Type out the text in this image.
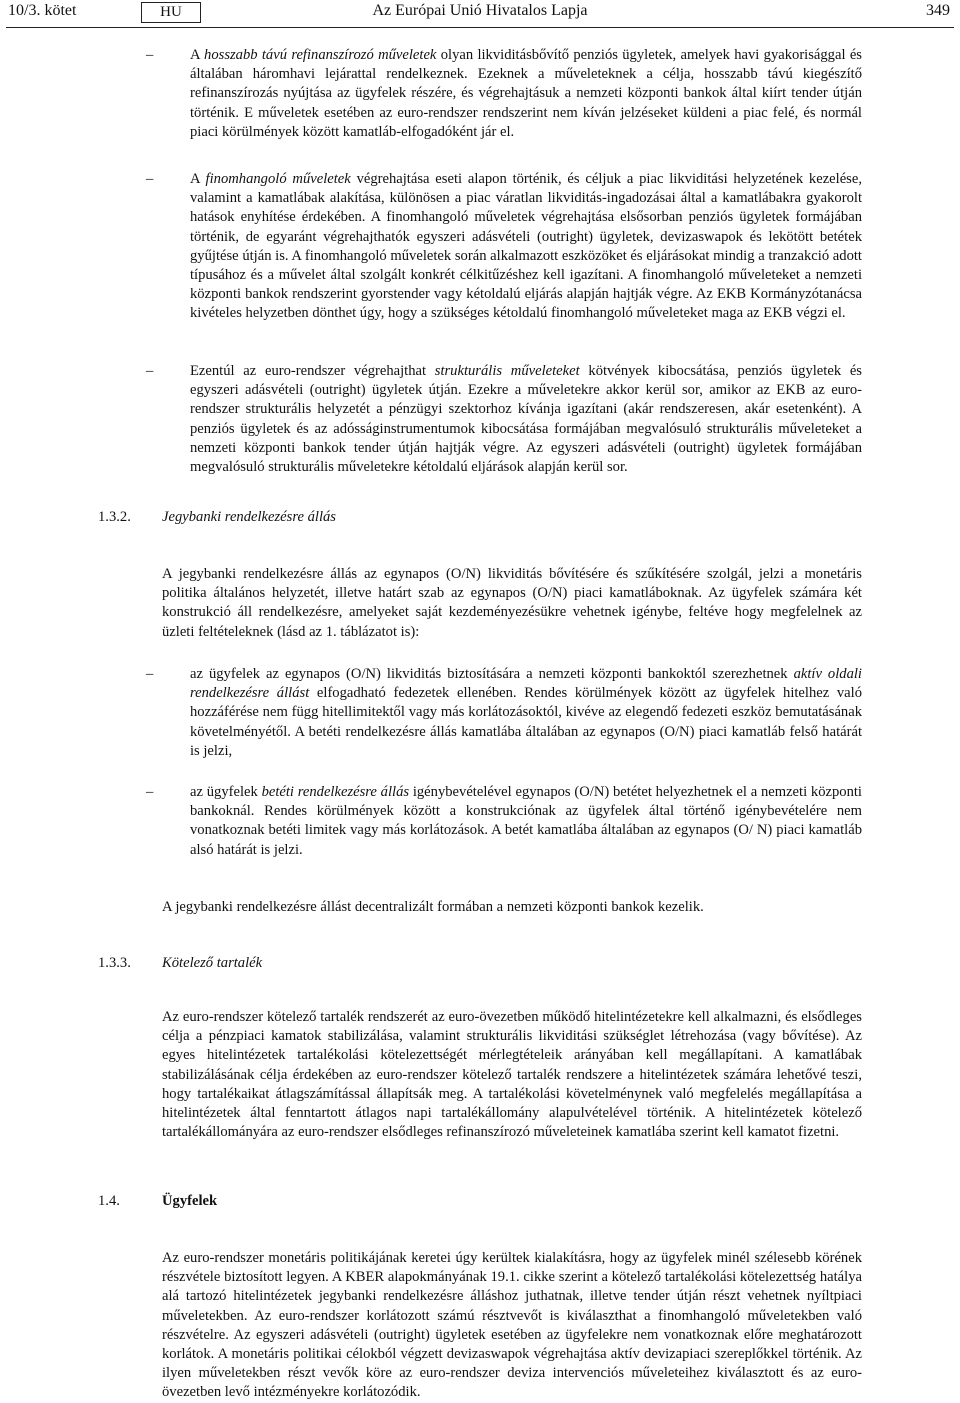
10/3. kötet	HU	Az Európai Unió Hivatalos Lapja	349
–	A hosszabb távú refinanszírozó műveletek olyan likviditásbővítő penziós ügyletek, amelyek havi gyakorisággal és általában háromhavi lejárattal rendelkeznek. Ezeknek a műveleteknek a célja, hosszabb távú kiegészítő refinanszírozás nyújtása az ügyfelek részére, és végrehajtásuk a nemzeti központi bankok által kiírt tender útján történik. E műveletek esetében az euro-rendszer rendszerint nem kíván jelzéseket küldeni a piac felé, és normál piaci körülmények között kamatláb-elfogadóként jár el.
–	A finomhangoló műveletek végrehajtása eseti alapon történik, és céljuk a piac likviditási helyzetének kezelése, valamint a kamatlábak alakítása, különösen a piac váratlan likviditás-ingadozásai által a kamatlábakra gyakorolt hatások enyhítése érdekében. A finomhangoló műveletek végrehajtása elsősorban penziós ügyletek formájában történik, de egyaránt végrehajthatók egyszeri adásvételi (outright) ügyletek, devizaswapok és lekötött betétek gyűjtése útján is. A finomhangoló műveletek során alkalmazott eszközöket és eljárásokat mindig a tranzakció adott típusához és a művelet által szolgált konkrét célkitűzéshez kell igazítani. A finomhangoló műveleteket a nemzeti központi bankok rendszerint gyorstender vagy kétoldalú eljárás alapján hajtják végre. Az EKB Kormányzótanácsa kivételes helyzetben dönthet úgy, hogy a szükséges kétoldalú finomhangoló műveleteket maga az EKB végzi el.
–	Ezentúl az euro-rendszer végrehajthat strukturális műveleteket kötvények kibocsátása, penziós ügyletek és egyszeri adásvételi (outright) ügyletek útján. Ezekre a műveletekre akkor kerül sor, amikor az EKB az euro-rendszer strukturális helyzetét a pénzügyi szektorhoz kívánja igazítani (akár rendszeresen, akár esetenként). A penziós ügyletek és az adósságinstrumentumok kibocsátása formájában megvalósuló strukturális műveleteket a nemzeti központi bankok tender útján hajtják végre. Az egyszeri adásvételi (outright) ügyletek formájában megvalósuló strukturális műveletekre kétoldalú eljárások alapján kerül sor.
1.3.2. Jegybanki rendelkezésre állás
A jegybanki rendelkezésre állás az egynapos (O/N) likviditás bővítésére és szűkítésére szolgál, jelzi a monetáris politika általános helyzetét, illetve határt szab az egynapos (O/N) piaci kamatláboknak. Az ügyfelek számára két konstrukció áll rendelkezésre, amelyeket saját kezdeményezésükre vehetnek igénybe, feltéve hogy megfelelnek az üzleti feltételeknek (lásd az 1. táblázatot is):
–	az ügyfelek az egynapos (O/N) likviditás biztosítására a nemzeti központi bankoktól szerezhetnek aktív oldali rendelkezésre állást elfogadható fedezetek ellenében. Rendes körülmények között az ügyfelek hitelhez való hozzáférése nem függ hitellimitektől vagy más korlátozásoktól, kivéve az elegendő fedezeti eszköz bemutatásának követelményétől. A betéti rendelkezésre állás kamatlába általában az egynapos (O/N) piaci kamatláb felső határát is jelzi,
–	az ügyfelek betéti rendelkezésre állás igénybevételével egynapos (O/N) betétet helyezhetnek el a nemzeti központi bankoknál. Rendes körülmények között a konstrukciónak az ügyfelek által történő igénybevételére nem vonatkoznak betéti limitek vagy más korlátozások. A betét kamatlába általában az egynapos (O/ N) piaci kamatláb alsó határát is jelzi.
A jegybanki rendelkezésre állást decentralizált formában a nemzeti központi bankok kezelik.
1.3.3. Kötelező tartalék
Az euro-rendszer kötelező tartalék rendszerét az euro-övezetben működő hitelintézetekre kell alkalmazni, és elsődleges célja a pénzpiaci kamatok stabilizálása, valamint strukturális likviditási szükséglet létrehozása (vagy bővítése). Az egyes hitelintézetek tartalékolási kötelezettségét mérlegtételeik arányában kell megállapítani. A kamatlábak stabilizálásának célja érdekében az euro-rendszer kötelező tartalék rendszere a hitelintézetek számára lehetővé teszi, hogy tartalékaikat átlagszámítással állapítsák meg. A tartalékolási követelménynek való megfelelés megállapítása a hitelintézetek által fenntartott átlagos napi tartalékállomány alapulvételével történik. A hitelintézetek kötelező tartalékállományára az euro-rendszer elsődleges refinanszírozó műveleteinek kamatlába szerint kell kamatot fizetni.
1.4.	Ügyfelek
Az euro-rendszer monetáris politikájának keretei úgy kerültek kialakításra, hogy az ügyfelek minél szélesebb körének részvétele biztosított legyen. A KBER alapokmányának 19.1. cikke szerint a kötelező tartalékolási kötelezettség hatálya alá tartozó hitelintézetek jegybanki rendelkezésre álláshoz juthatnak, illetve tender útján részt vehetnek nyíltpiaci műveletekben. Az euro-rendszer korlátozott számú résztvevőt is kiválaszthat a finomhangoló műveletekben való részvételre. Az egyszeri adásvételi (outright) ügyletek esetében az ügyfelekre nem vonatkoznak előre meghatározott korlátok. A monetáris politikai célokból végzett devizaswapok végrehajtása aktív devizapiaci szereplőkkel történik. Az ilyen műveletekben részt vevők köre az euro-rendszer deviza intervenciós műveleteihez kiválasztott és az euro-övezetben levő intézményekre korlátozódik.
